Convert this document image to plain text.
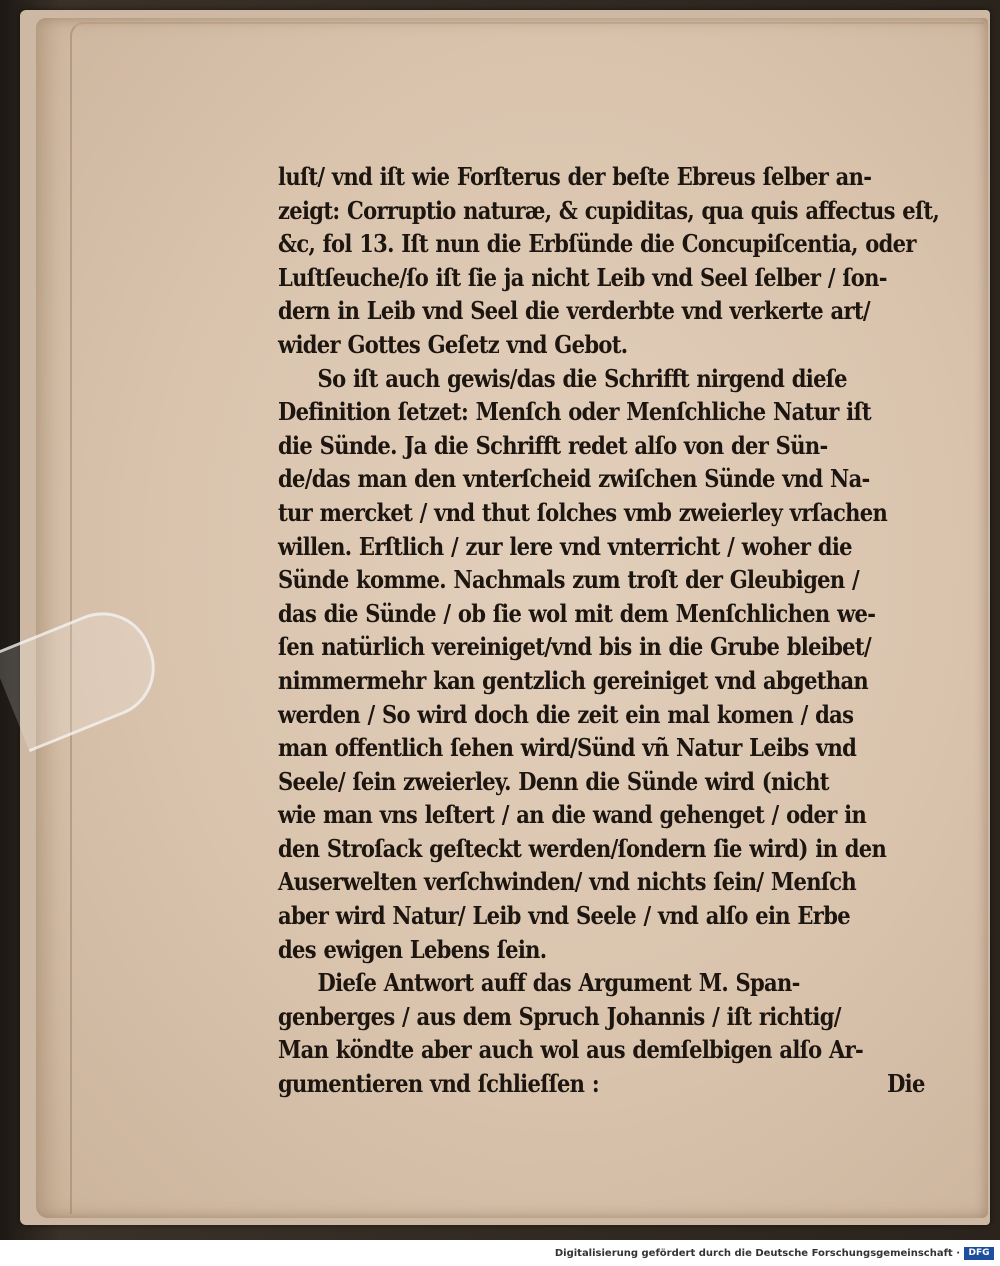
luſt/ vnd iſt wie Forſterus der beſte Ebreus ſelber an-
zeigt: Corruptio naturæ, & cupiditas, qua quis affectus eſt,
&c, fol 13. Iſt nun die Erbſünde die Concupiſcentia, oder
Luſtſeuche/ſo iſt ſie ja nicht Leib vnd Seel ſelber / ſon-
dern in Leib vnd Seel die verderbte vnd verkerte art/
wider Gottes Geſetz vnd Gebot.
So iſt auch gewis/das die Schrifft nirgend dieſe
Definition ſetzet: Menſch oder Menſchliche Natur iſt
die Sünde. Ja die Schrifft redet alſo von der Sün-
de/das man den vnterſcheid zwiſchen Sünde vnd Na-
tur mercket / vnd thut ſolches vmb zweierley vrſachen
willen. Erſtlich / zur lere vnd vnterricht / woher die
Sünde komme. Nachmals zum troſt der Gleubigen /
das die Sünde / ob ſie wol mit dem Menſchlichen we-
ſen natürlich vereiniget/vnd bis in die Grube bleibet/
nimmermehr kan gentzlich gereiniget vnd abgethan
werden / So wird doch die zeit ein mal komen / das
man offentlich ſehen wird/Sünd vñ Natur Leibs vnd
Seele/ ſein zweierley. Denn die Sünde wird (nicht
wie man vns leſtert / an die wand gehenget / oder in
den Stroſack geſteckt werden/ſondern ſie wird) in den
Auserwelten verſchwinden/ vnd nichts ſein/ Menſch
aber wird Natur/ Leib vnd Seele / vnd alſo ein Erbe
des ewigen Lebens ſein.
Dieſe Antwort auff das Argument M. Span-
genberges / aus dem Spruch Johannis / iſt richtig/
Man köndte aber auch wol aus demſelbigen alſo Ar-
gumentieren vnd ſchlieſſen :	Die
Digitalisierung gefördert durch die Deutsche Forschungsgemeinschaft · DFG
